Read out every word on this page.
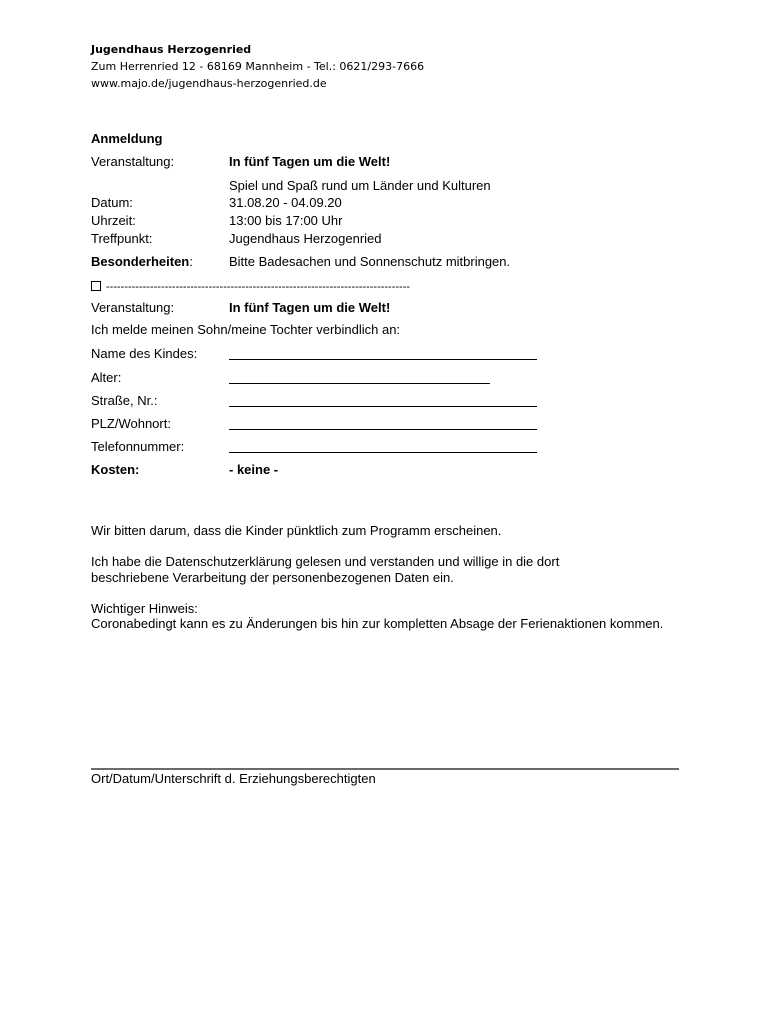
Jugendhaus Herzogenried
Zum Herrenried 12 - 68169 Mannheim - Tel.: 0621/293-7666
www.majo.de/jugendhaus-herzogenried.de
Anmeldung
Veranstaltung:	In fünf Tagen um die Welt!
Spiel und Spaß rund um Länder und Kulturen
Datum:	31.08.20 - 04.09.20
Uhrzeit:	13:00 bis 17:00 Uhr
Treffpunkt:	Jugendhaus Herzogenried
Besonderheiten:	Bitte Badesachen und Sonnenschutz mitbringen.
-----------------------------------------------------------------------------------
Veranstaltung:	In fünf Tagen um die Welt!
Ich melde meinen Sohn/meine Tochter verbindlich an:
Name des Kindes:
Alter:
Straße, Nr.:
PLZ/Wohnort:
Telefonnummer:
Kosten:	- keine -
Wir bitten darum, dass die Kinder pünktlich zum Programm erscheinen.
Ich habe die Datenschutzerklärung gelesen und verstanden und willige in die dort beschriebene Verarbeitung der personenbezogenen Daten ein.
Wichtiger Hinweis:
Coronabedingt kann es zu Änderungen bis hin zur kompletten Absage der Ferienaktionen kommen.
Ort/Datum/Unterschrift d. Erziehungsberechtigten
